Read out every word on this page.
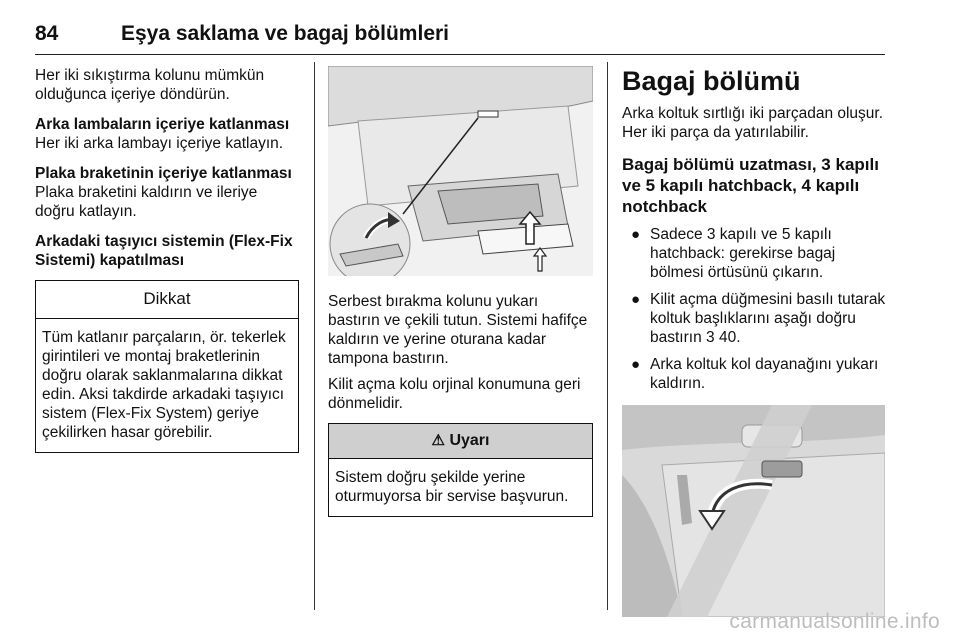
84	Eşya saklama ve bagaj bölümleri

Her iki sıkıştırma kolunu mümkün olduğunca içeriye döndürün.

Arka lambaların içeriye katlanması

Her iki arka lambayı içeriye katlayın.

Plaka braketinin içeriye katlanması

Plaka braketini kaldırın ve ileriye doğru katlayın.

Arkadaki taşıyıcı sistemin (Flex-Fix Sistemi) kapatılması

Dikkat
Tüm katlanır parçaların, ör. tekerlek girintileri ve montaj braketlerinin doğru olarak saklanmalarına dikkat edin. Aksi takdirde arkadaki taşıyıcı sistem (Flex-Fix System) geriye çekilirken hasar görebilir.

Serbest bırakma kolunu yukarı bastırın ve çekili tutun. Sistemi hafifçe kaldırın ve yerine oturana kadar tampona bastırın.

Kilit açma kolu orjinal konumuna geri dönmelidir.

⚠ Uyarı
Sistem doğru şekilde yerine oturmuyorsa bir servise başvurun.
Bagaj bölümü

Arka koltuk sırtlığı iki parçadan oluşur. Her iki parça da yatırılabilir.

Bagaj bölümü uzatması, 3 kapılı ve 5 kapılı hatchback, 4 kapılı notchback
● Sadece 3 kapılı ve 5 kapılı hatchback: gerekirse bagaj bölmesi örtüsünü çıkarın.
● Kilit açma düğmesini basılı tutarak koltuk başlıklarını aşağı doğru bastırın 3 40.
● Arka koltuk kol dayanağını yukarı kaldırın.
carmanualsonline.info
